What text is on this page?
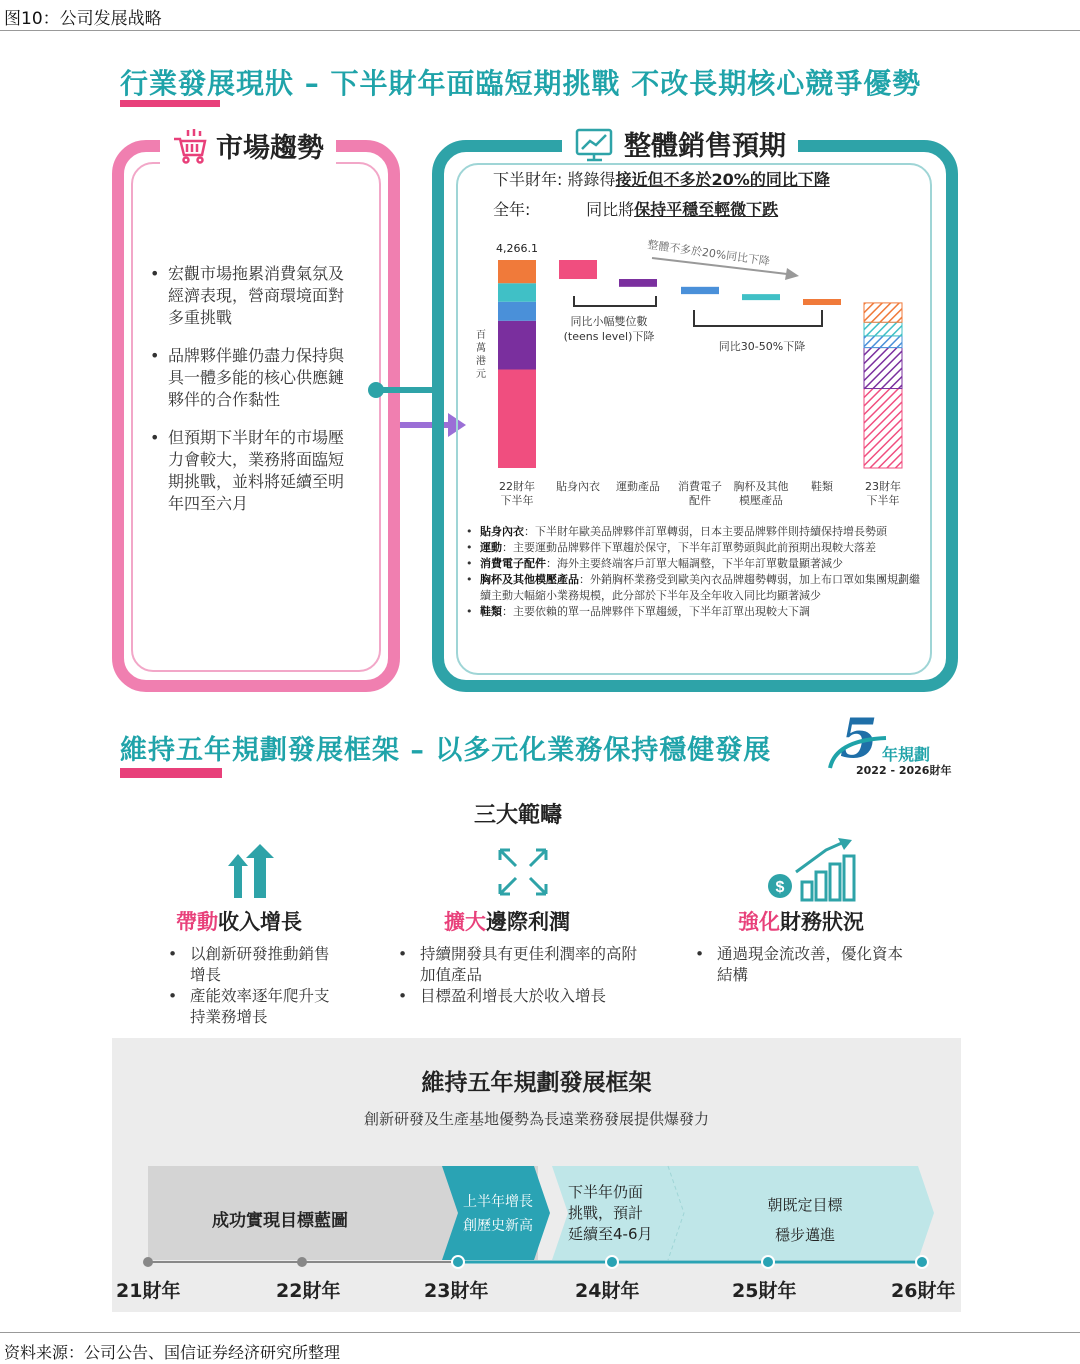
图10：公司发展战略
行業發展現狀 – 下半財年面臨短期挑戰 不改長期核心競爭優勢
市場趨勢
• 宏觀市場拖累消費氣氛及經濟表現，營商環境面對多重挑戰
• 品牌夥伴雖仍盡力保持與具一體多能的核心供應鏈夥伴的合作黏性
• 但預期下半財年的市場壓力會較大，業務將面臨短期挑戰，並料將延續至明年四至六月
整體銷售預期
下半財年: 將錄得接近但不多於20%的同比下降
全年:	同比將保持平穩至輕微下跌
4,266.1
22財年
下半年
貼身內衣 運動產品 消費電子
配件
胸杯及其他
模壓產品
鞋類	23財年
下半年
整體不多於20%同比下降
同比小幅雙位數
(teens level)下降
同比30-50%下降
百萬港元
• 貼身內衣：下半財年歐美品牌夥伴訂單轉弱，日本主要品牌夥伴則持續保持增長勢頭
• 運動：主要運動品牌夥伴下單趨於保守，下半年訂單勢頭與此前預期出現較大落差
• 消費電子配件：海外主要終端客戶訂單大幅調整，下半年訂單數量顯著減少
• 胸杯及其他模壓產品：外銷胸杯業務受到歐美內衣品牌趨勢轉弱，加上布口罩如集團規劃繼續主動大幅縮小業務規模，此分部於下半年及全年收入同比均顯著減少
• 鞋類：主要依賴的單一品牌夥伴下單趨緩，下半年訂單出現較大下調
維持五年規劃發展框架 – 以多元化業務保持穩健發展 5 年規劃
2022 - 2026財年
三大範疇
$
帶動收入增長	擴大邊際利潤	強化財務狀況
• 以創新研發推動銷售增長
• 產能效率逐年爬升支持業務增長
• 持續開發具有更佳利潤率的高附加值產品
• 目標盈利增長大於收入增長
• 通過現金流改善，優化資本結構
維持五年規劃發展框架
創新研發及生產基地優勢為長遠業務發展提供爆發力
成功實現目標藍圖
上半年增長
創歷史新高
下半年仍面
挑戰，預計
延續至4-6月
朝既定目標
穩步邁進
21財年	22財年	23財年	24財年	25財年	26財年
资料来源：公司公告、国信证券经济研究所整理
